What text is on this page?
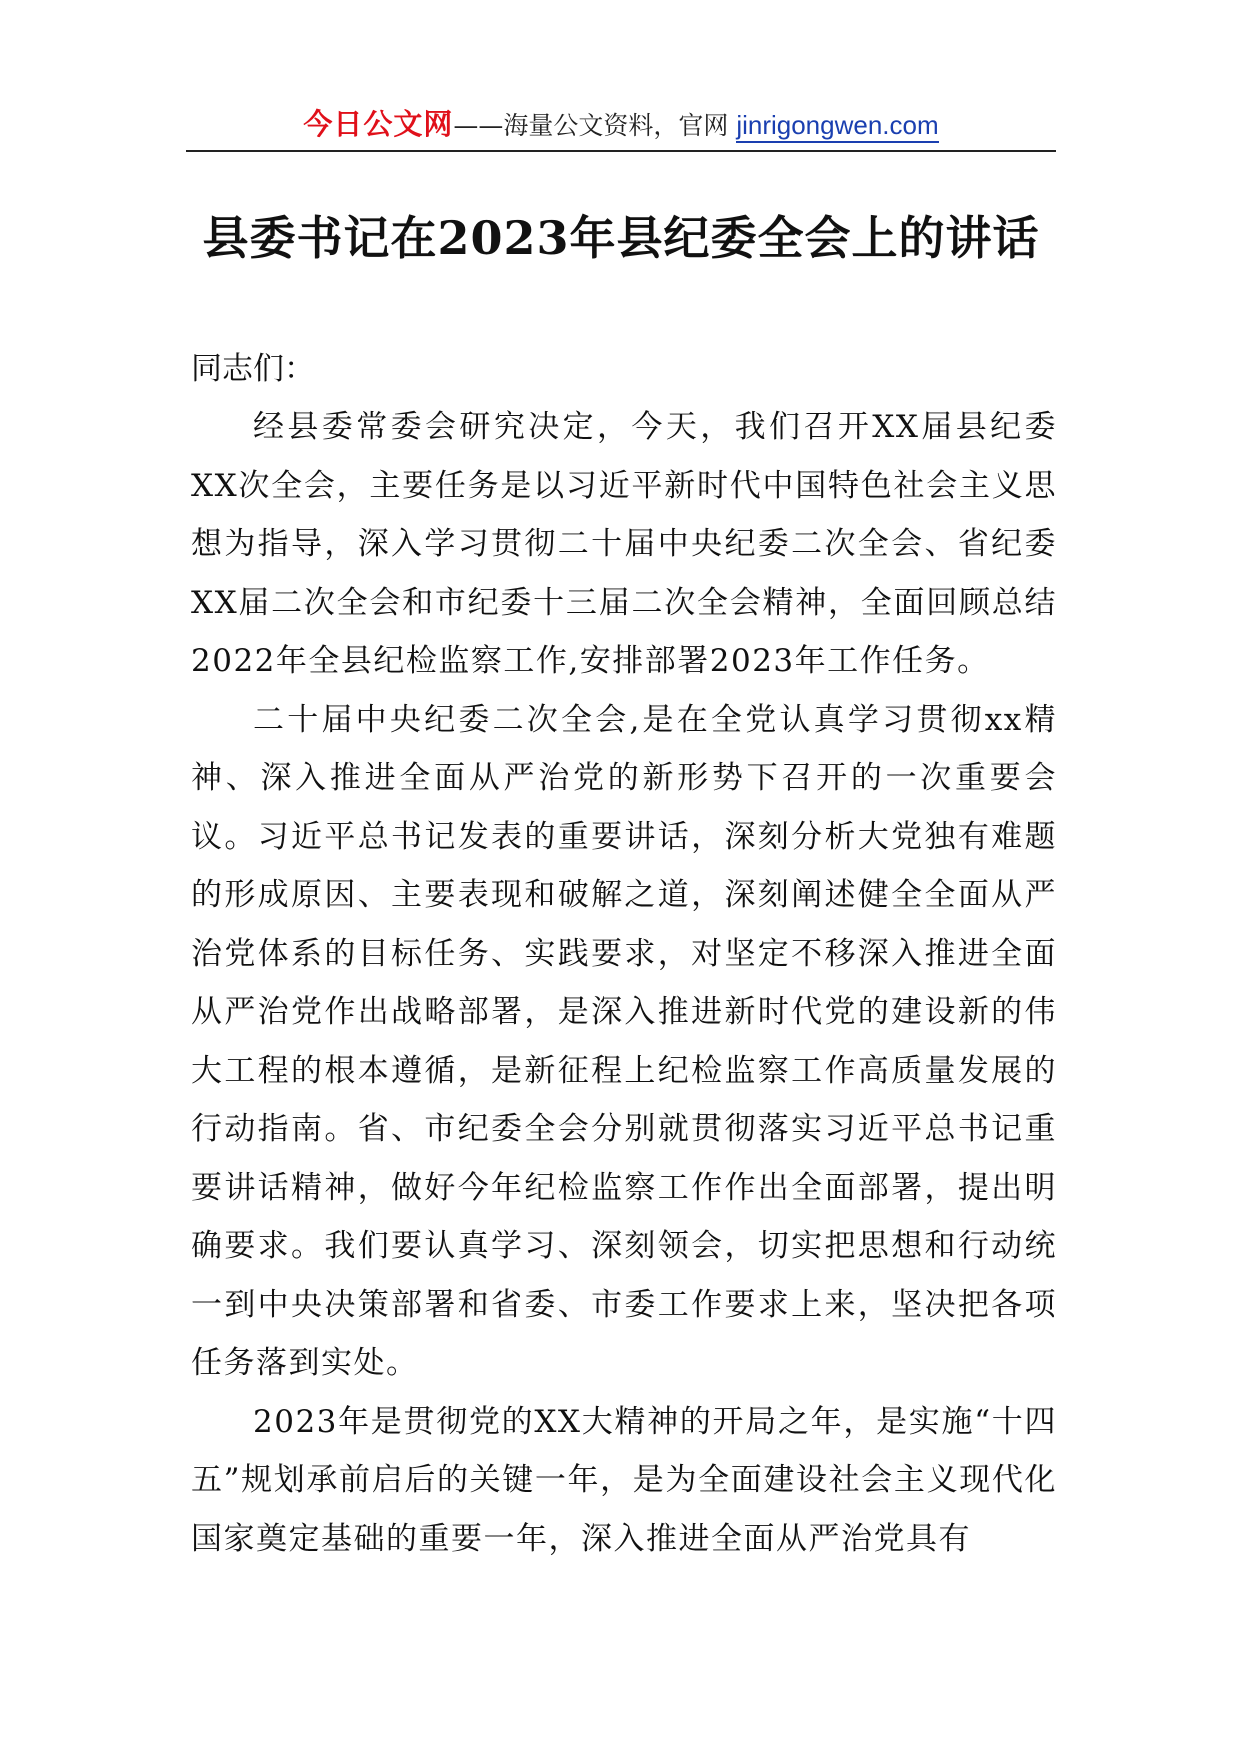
今日公文网——海量公文资料，官网 jinrigongwen.com
县委书记在2023年县纪委全会上的讲话

同志们：

经县委常委会研究决定，今天，我们召开XX届县纪委XX次全会，主要任务是以习近平新时代中国特色社会主义思想为指导，深入学习贯彻二十届中央纪委二次全会、省纪委XX届二次全会和市纪委十三届二次全会精神，全面回顾总结2022年全县纪检监察工作,安排部署2023年工作任务。

二十届中央纪委二次全会,是在全党认真学习贯彻xx精神、深入推进全面从严治党的新形势下召开的一次重要会议。习近平总书记发表的重要讲话，深刻分析大党独有难题的形成原因、主要表现和破解之道，深刻阐述健全全面从严治党体系的目标任务、实践要求，对坚定不移深入推进全面从严治党作出战略部署，是深入推进新时代党的建设新的伟大工程的根本遵循，是新征程上纪检监察工作高质量发展的行动指南。省、市纪委全会分别就贯彻落实习近平总书记重要讲话精神，做好今年纪检监察工作作出全面部署，提出明确要求。我们要认真学习、深刻领会，切实把思想和行动统一到中央决策部署和省委、市委工作要求上来，坚决把各项任务落到实处。

2023年是贯彻党的XX大精神的开局之年，是实施“十四五”规划承前启后的关键一年，是为全面建设社会主义现代化国家奠定基础的重要一年，深入推进全面从严治党具有
